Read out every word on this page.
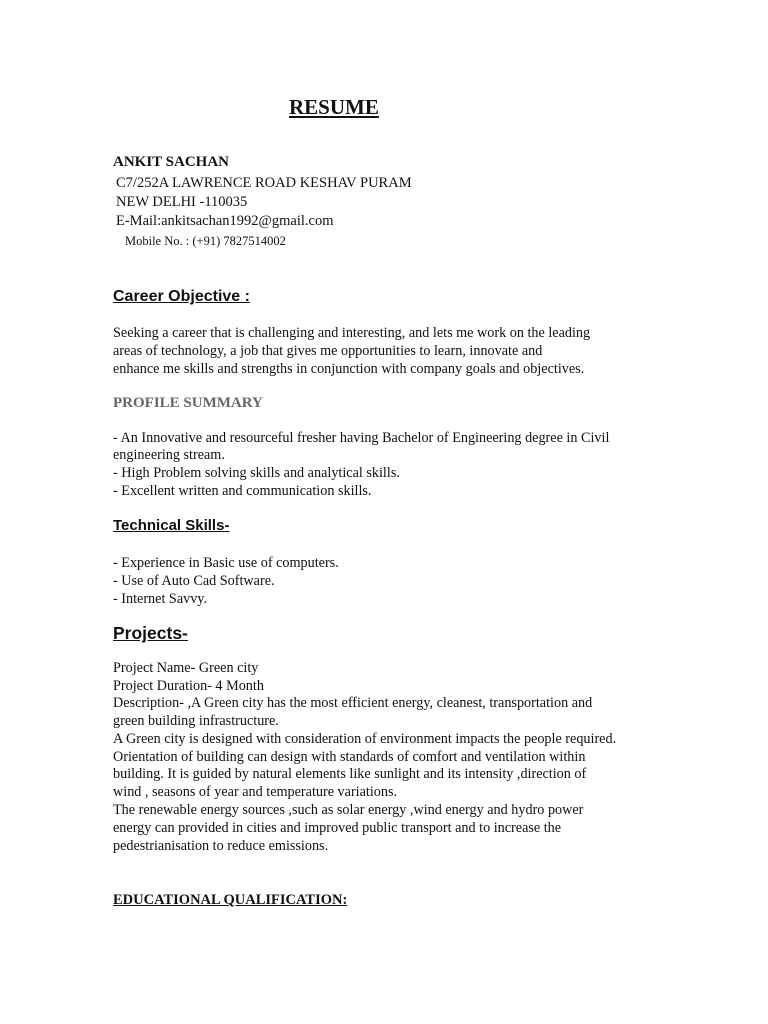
RESUME
ANKIT SACHAN
C7/252A LAWRENCE ROAD KESHAV PURAM
NEW DELHI -110035
E-Mail:ankitsachan1992@gmail.com
Mobile No. : (+91) 7827514002
Career Objective :
Seeking a career that is challenging and interesting, and lets me work on the leading
areas of technology, a job that gives me opportunities to learn, innovate and
enhance me skills and strengths in conjunction with company goals and objectives.
PROFILE SUMMARY
- An Innovative and resourceful fresher having Bachelor of Engineering degree in Civil
engineering stream.
- High Problem solving skills and analytical skills.
- Excellent written and communication skills.
Technical Skills-
- Experience in Basic use of computers.
- Use of Auto Cad Software.
- Internet Savvy.
Projects-
Project Name- Green city
Project Duration- 4 Month
Description- ,A Green city has the most efficient energy, cleanest, transportation and
green building infrastructure.
A Green city is designed with consideration of environment impacts the people required.
Orientation of building can design with standards of comfort and ventilation within
building. It is guided by natural elements like sunlight and its intensity ,direction of
wind , seasons of year and temperature variations.
The renewable energy sources ,such as solar energy ,wind energy and hydro power
energy can provided in cities and improved public transport and to increase the
pedestrianisation to reduce emissions.
EDUCATIONAL QUALIFICATION:
